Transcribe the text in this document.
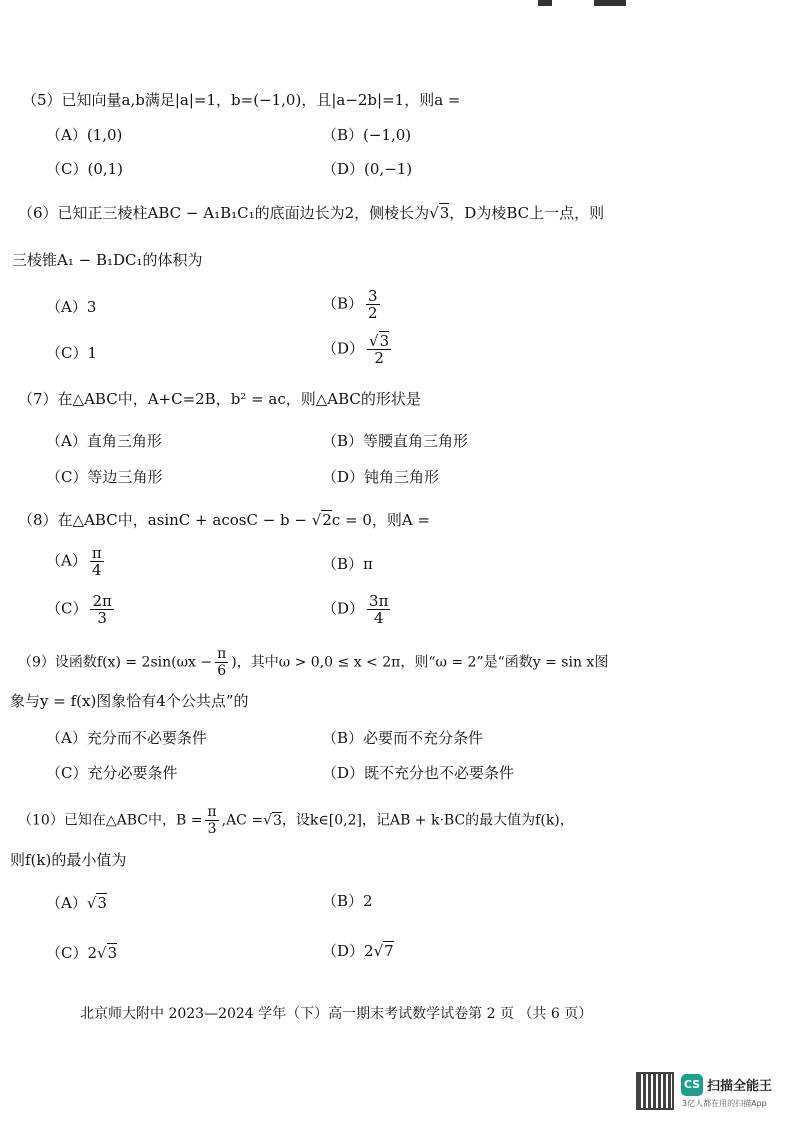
（5）已知向量a,b满足|a|=1，b=(−1,0)，且|a−2b|=1，则a =
（A）(1,0)	（B）(−1,0)
（C）(0,1)	（D）(0,−1)
（6）已知正三棱柱ABC − A₁B₁C₁的底面边长为2，侧棱长为√3，D为棱BC上一点，则
三棱锥A₁ − B₁DC₁的体积为
（A）3	$(B) \frac{3}{2}$
（C）1	$(D) \frac{√3}{2}$
（7）在△ABC中，A+C=2B，b² = ac，则△ABC的形状是
（A）直角三角形	（B）等腰直角三角形
（C）等边三角形	（D）钝角三角形
（8）在△ABC中，asinC + acosC − b − √2c = 0，则A =
$(A) \frac{\pi}{4}$	（B）π
$(C) \frac{2\pi}{3}$	$(D) \frac{3\pi}{4}$
（9）设函数$f(x) = 2\sin(\omega x - \frac{\pi}{6}$ )，其中ω > 0,0 ≤ x < 2π，则“ω = 2”是“函数y = sin x图
象与y = f(x)图象恰有4个公共点”的
（A）充分而不必要条件	（B）必要而不充分条件
（C）充分必要条件	（D）既不充分也不必要条件
（10）已知在△ABC中，$B = \frac{\pi}{3} ,AC =√3$，设k∈[0,2]，记AB + k·BC的最大值为f(k)，
则f(k)的最小值为
（A）√3	（B）2
（C）2√3	（D）2√7
北京师大附中 2023—2024 学年（下）高一期末考试数学试卷第 2 页 （共 6 页）
CS 扫描全能王
3亿人都在用的扫描App
